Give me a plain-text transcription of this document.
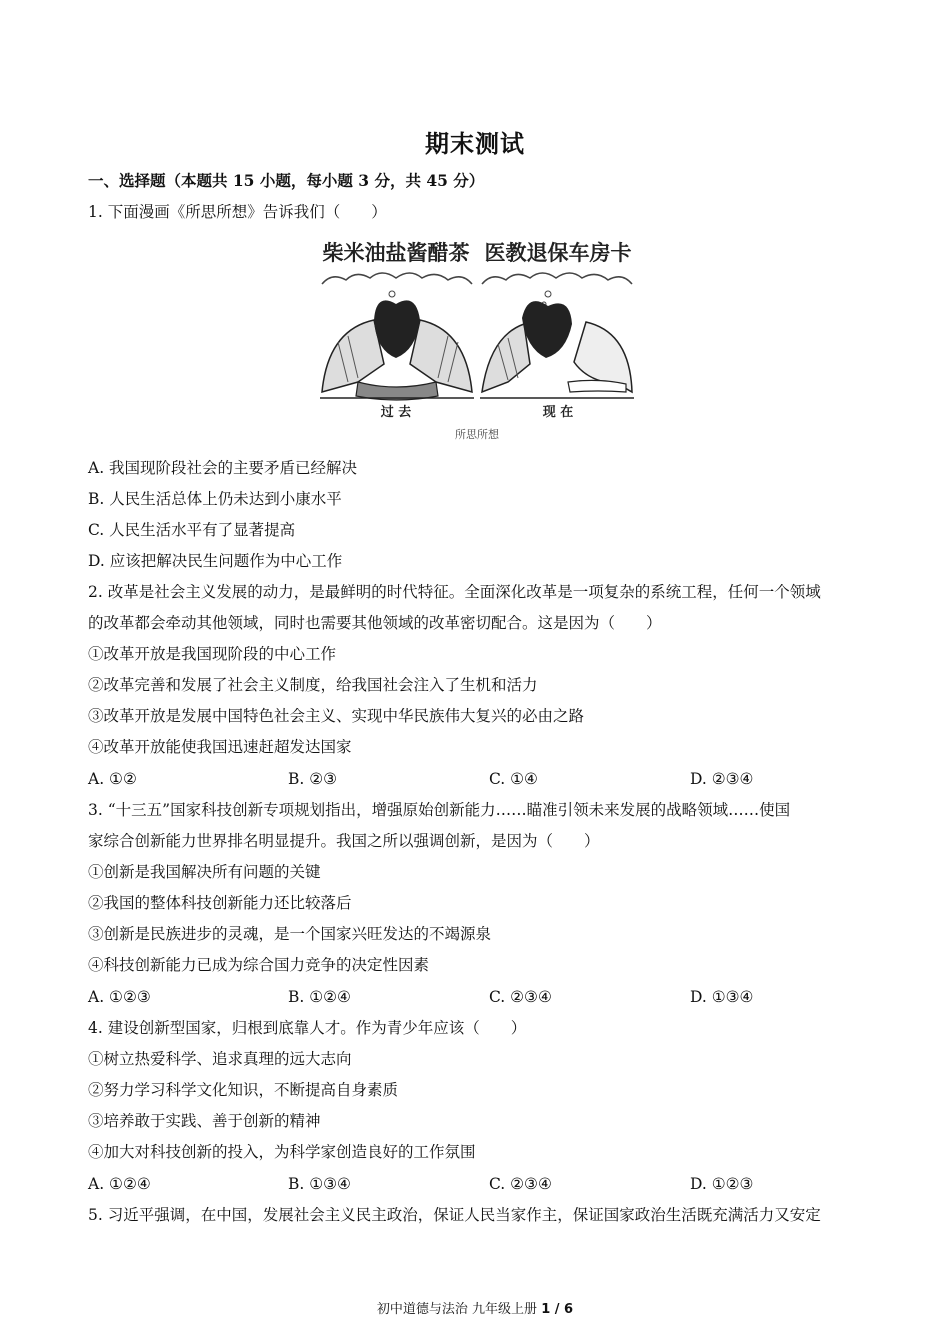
期末测试
一、选择题（本题共 15 小题，每小题 3 分，共 45 分）
1. 下面漫画《所思所想》告诉我们（　　）
柴米油盐酱醋茶
过 去
医教退保车房卡
现 在
所思所想
A. 我国现阶段社会的主要矛盾已经解决
B. 人民生活总体上仍未达到小康水平
C. 人民生活水平有了显著提高
D. 应该把解决民生问题作为中心工作
2. 改革是社会主义发展的动力，是最鲜明的时代特征。全面深化改革是一项复杂的系统工程，任何一个领域
的改革都会牵动其他领域，同时也需要其他领域的改革密切配合。这是因为（　　）
①改革开放是我国现阶段的中心工作
②改革完善和发展了社会主义制度，给我国社会注入了生机和活力
③改革开放是发展中国特色社会主义、实现中华民族伟大复兴的必由之路
④改革开放能使我国迅速赶超发达国家
A. ①②	B. ②③	C. ①④	D. ②③④
3. “十三五”国家科技创新专项规划指出，增强原始创新能力……瞄准引领未来发展的战略领域……使国
家综合创新能力世界排名明显提升。我国之所以强调创新，是因为（　　）
①创新是我国解决所有问题的关键
②我国的整体科技创新能力还比较落后
③创新是民族进步的灵魂，是一个国家兴旺发达的不竭源泉
④科技创新能力已成为综合国力竞争的决定性因素
A. ①②③	B. ①②④	C. ②③④	D. ①③④
4. 建设创新型国家，归根到底靠人才。作为青少年应该（　　）
①树立热爱科学、追求真理的远大志向
②努力学习科学文化知识，不断提高自身素质
③培养敢于实践、善于创新的精神
④加大对科技创新的投入，为科学家创造良好的工作氛围
A. ①②④	B. ①③④	C. ②③④	D. ①②③
5. 习近平强调，在中国，发展社会主义民主政治，保证人民当家作主，保证国家政治生活既充满活力又安定
初中道德与法治 九年级上册 1 / 6
